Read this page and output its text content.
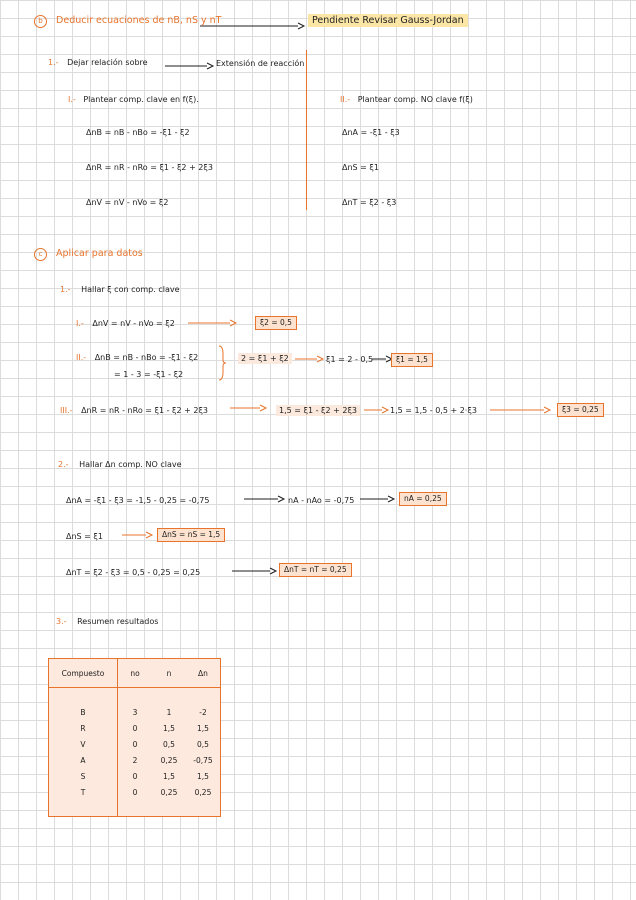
b Deducir ecuaciones de nB, nS y nT	Pendiente Revisar Gauss-Jordan
1.- Dejar relación sobre	Extensión de reacción
I.- Plantear comp. clave en f(ξ).
ΔnB = nB - nBo = -ξ1 - ξ2
ΔnR = nR - nRo = ξ1 - ξ2 + 2ξ3
ΔnV = nV - nVo = ξ2
II.- Plantear comp. NO clave f(ξ)
ΔnA = -ξ1 - ξ3
ΔnS = ξ1
ΔnT = ξ2 - ξ3
c Aplicar para datos
1.- Hallar ξ con comp. clave
I.- ΔnV = nV - nVo = ξ2	ξ2 = 0,5
II.- ΔnB = nB - nBo = -ξ1 - ξ2
= 1 - 3 = -ξ1 - ξ2
2 = ξ1 + ξ2	ξ1 = 2 - 0,5	ξ1 = 1,5
III.- ΔnR = nR - nRo = ξ1 - ξ2 + 2ξ3	1,5 = ξ1 - ξ2 + 2ξ3	1,5 = 1,5 - 0,5 + 2·ξ3	ξ3 = 0,25
2.- Hallar Δn comp. NO clave
ΔnA = -ξ1 - ξ3 = -1,5 - 0,25 = -0,75	nA - nAo = -0,75	nA = 0,25
ΔnS = ξ1	ΔnS = nS = 1,5
ΔnT = ξ2 - ξ3 = 0,5 - 0,25 = 0,25	ΔnT = nT = 0,25
3.- Resumen resultados
Compuesto	no	n	Δn

B	3	1	-2
R	0	1,5	1,5
V	0	0,5	0,5
A	2	0,25	-0,75
S	0	1,5	1,5
T	0	0,25	0,25
